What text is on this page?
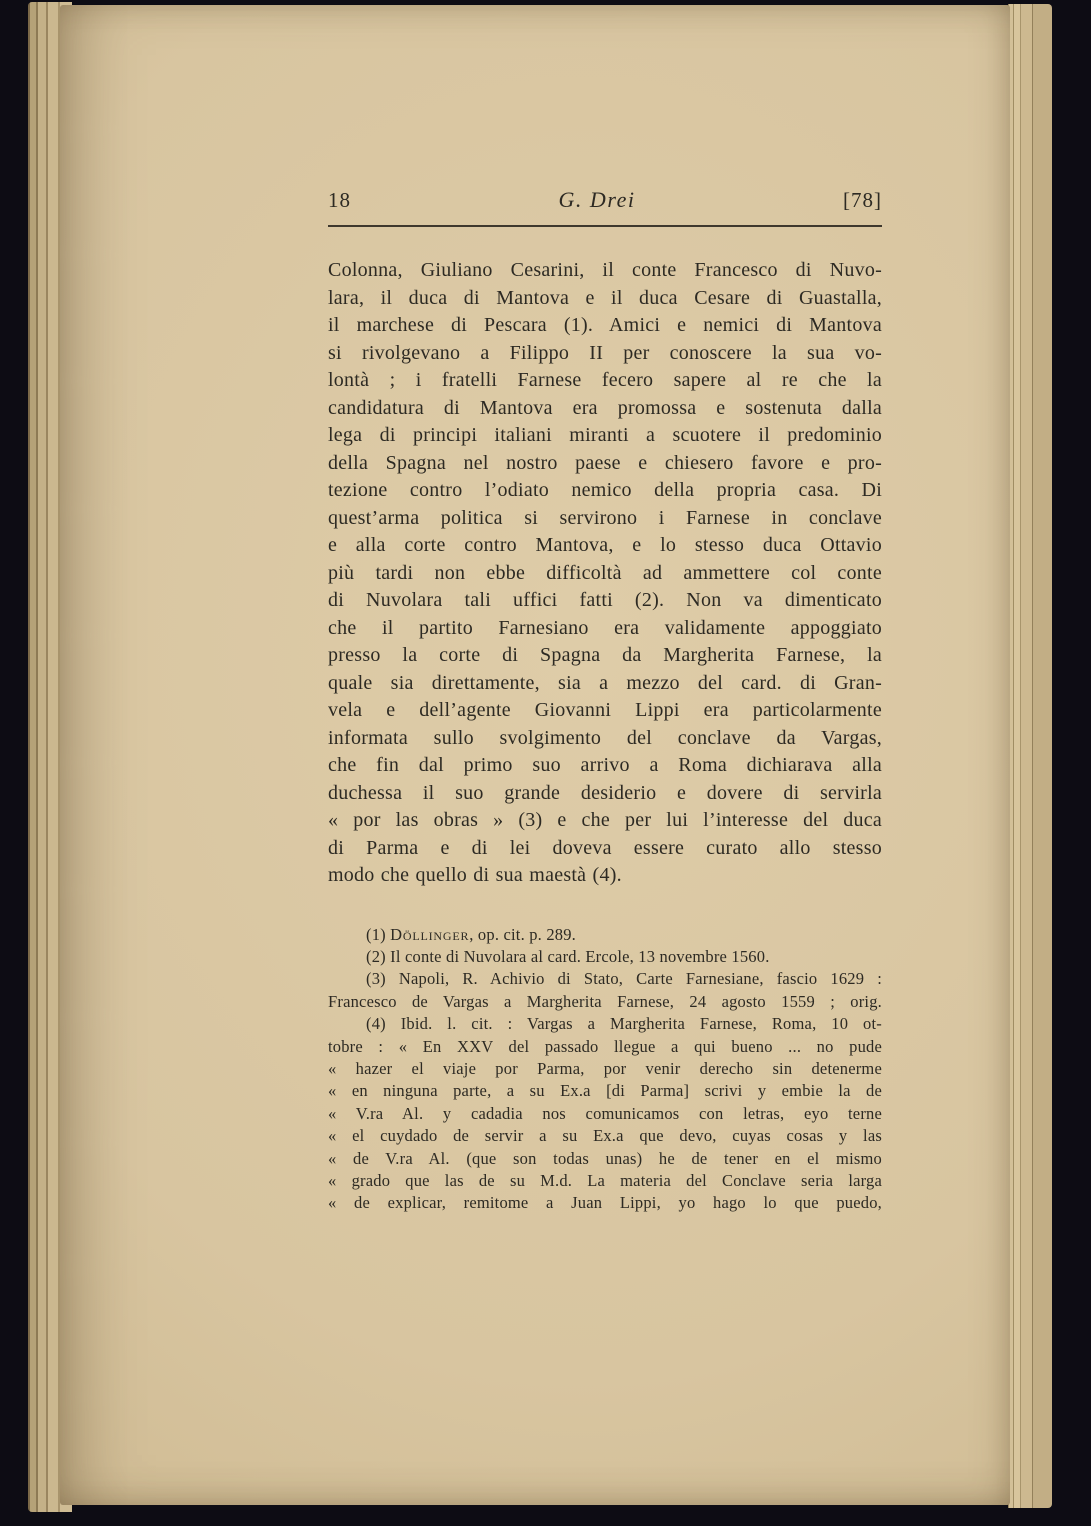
18	G. Drei	[78]
Colonna, Giuliano Cesarini, il conte Francesco di Nuvo-
lara, il duca di Mantova e il duca Cesare di Guastalla,
il marchese di Pescara (1). Amici e nemici di Mantova
si rivolgevano a Filippo II per conoscere la sua vo-
lontà ; i fratelli Farnese fecero sapere al re che la
candidatura di Mantova era promossa e sostenuta dalla
lega di principi italiani miranti a scuotere il predominio
della Spagna nel nostro paese e chiesero favore e pro-
tezione contro l’odiato nemico della propria casa. Di
quest’arma politica si servirono i Farnese in conclave
e alla corte contro Mantova, e lo stesso duca Ottavio
più tardi non ebbe difficoltà ad ammettere col conte
di Nuvolara tali uffici fatti (2). Non va dimenticato
che il partito Farnesiano era validamente appoggiato
presso la corte di Spagna da Margherita Farnese, la
quale sia direttamente, sia a mezzo del card. di Gran-
vela e dell’agente Giovanni Lippi era particolarmente
informata sullo svolgimento del conclave da Vargas,
che fin dal primo suo arrivo a Roma dichiarava alla
duchessa il suo grande desiderio e dovere di servirla
« por las obras » (3) e che per lui l’interesse del duca
di Parma e di lei doveva essere curato allo stesso
modo che quello di sua maestà (4).
(1) Döllinger, op. cit. p. 289.
(2) Il conte di Nuvolara al card. Ercole, 13 novembre 1560.
(3) Napoli, R. Achivio di Stato, Carte Farnesiane, fascio 1629 :
Francesco de Vargas a Margherita Farnese, 24 agosto 1559 ; orig.
(4) Ibid. l. cit. : Vargas a Margherita Farnese, Roma, 10 ot-
tobre : « En XXV del passado llegue a qui bueno ... no pude
« hazer el viaje por Parma, por venir derecho sin detenerme
« en ninguna parte, a su Ex.a [di Parma] scrivi y embie la de
« V.ra Al. y cadadia nos comunicamos con letras, eyo terne
« el cuydado de servir a su Ex.a que devo, cuyas cosas y las
« de V.ra Al. (que son todas unas) he de tener en el mismo
« grado que las de su M.d. La materia del Conclave seria larga
« de explicar, remitome a Juan Lippi, yo hago lo que puedo,
